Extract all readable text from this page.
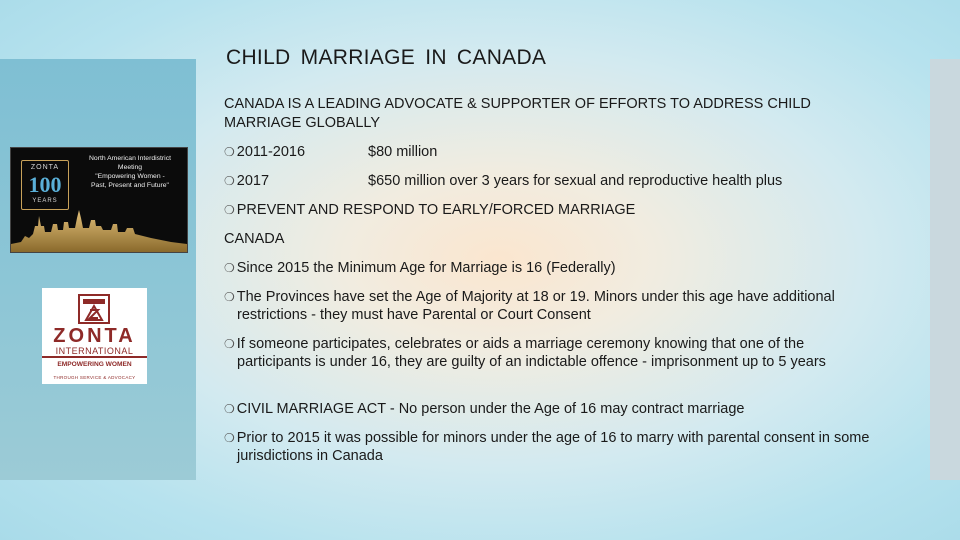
CHILD MARRIAGE IN CANADA
CANADA IS A LEADING ADVOCATE & SUPPORTER OF EFFORTS TO ADDRESS CHILD MARRIAGE GLOBALLY
❍ 2011-2016	$80 million
❍ 2017	$650 million over 3 years for sexual and reproductive health plus
❍ PREVENT AND RESPOND TO EARLY/FORCED MARRIAGE
CANADA
❍ Since 2015 the Minimum Age for Marriage is 16 (Federally)
❍ The Provinces have set the Age of Majority at 18 or 19. Minors under this age have additional restrictions - they must have Parental or Court Consent
❍ If someone participates, celebrates or aids a marriage ceremony knowing that one of the participants is under 16, they are guilty of an indictable offence - imprisonment up to 5 years
❍ CIVIL MARRIAGE ACT - No person under the Age of 16 may contract marriage
❍ Prior to 2015 it was possible for minors under the age of 16 to marry with parental consent in some jurisdictions in Canada
ZONTA
100
YEARS
North American Interdistrict
Meeting
"Empowering Women -
Past, Present and Future"
ZONTA
INTERNATIONAL
EMPOWERING WOMEN
THROUGH SERVICE & ADVOCACY
